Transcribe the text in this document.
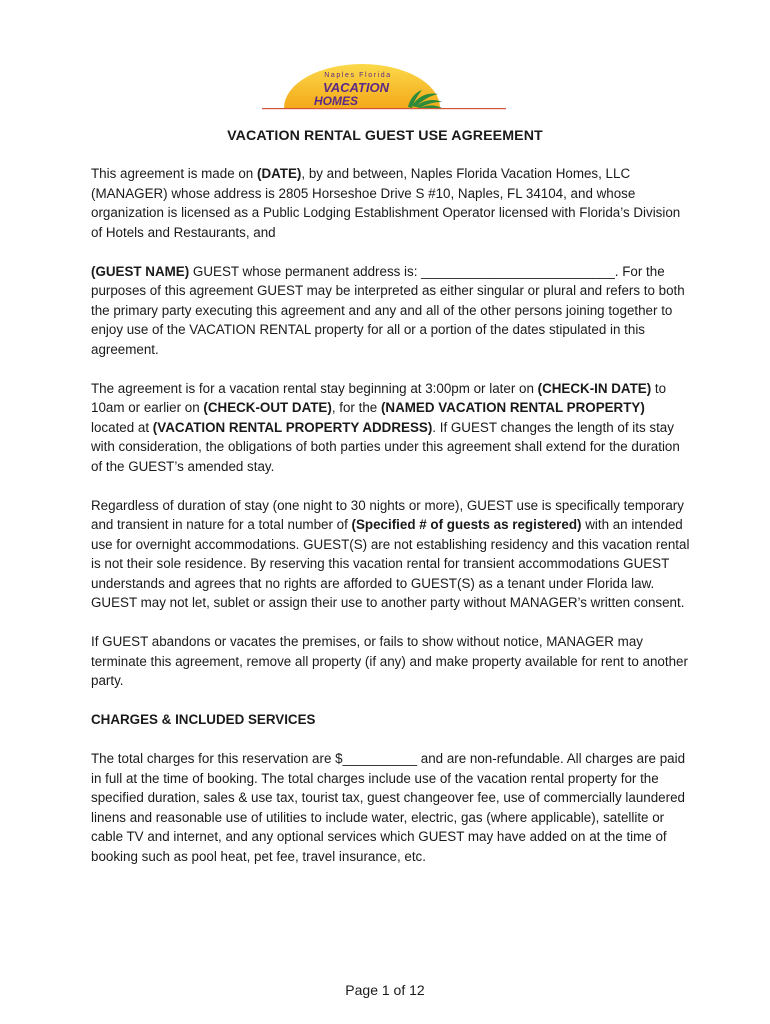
Naples Florida
VACATION
HOMES
VACATION RENTAL GUEST USE AGREEMENT

This agreement is made on (DATE), by and between, Naples Florida Vacation Homes, LLC (MANAGER) whose address is 2805 Horseshoe Drive S #10, Naples, FL 34104, and whose organization is licensed as a Public Lodging Establishment Operator licensed with Florida’s Division of Hotels and Restaurants, and

(GUEST NAME) GUEST whose permanent address is: __________________________. For the purposes of this agreement GUEST may be interpreted as either singular or plural and refers to both the primary party executing this agreement and any and all of the other persons joining together to enjoy use of the VACATION RENTAL property for all or a portion of the dates stipulated in this agreement.

The agreement is for a vacation rental stay beginning at 3:00pm or later on (CHECK-IN DATE) to 10am or earlier on (CHECK-OUT DATE), for the (NAMED VACATION RENTAL PROPERTY) located at (VACATION RENTAL PROPERTY ADDRESS). If GUEST changes the length of its stay with consideration, the obligations of both parties under this agreement shall extend for the duration of the GUEST’s amended stay.

Regardless of duration of stay (one night to 30 nights or more), GUEST use is specifically temporary and transient in nature for a total number of (Specified # of guests as registered) with an intended use for overnight accommodations. GUEST(S) are not establishing residency and this vacation rental is not their sole residence. By reserving this vacation rental for transient accommodations GUEST understands and agrees that no rights are afforded to GUEST(S) as a tenant under Florida law. GUEST may not let, sublet or assign their use to another party without MANAGER’s written consent.

If GUEST abandons or vacates the premises, or fails to show without notice, MANAGER may terminate this agreement, remove all property (if any) and make property available for rent to another party.

CHARGES & INCLUDED SERVICES

The total charges for this reservation are $__________ and are non-refundable. All charges are paid in full at the time of booking. The total charges include use of the vacation rental property for the specified duration, sales & use tax, tourist tax, guest changeover fee, use of commercially laundered linens and reasonable use of utilities to include water, electric, gas (where applicable), satellite or cable TV and internet, and any optional services which GUEST may have added on at the time of booking such as pool heat, pet fee, travel insurance, etc.

Page 1 of 12
